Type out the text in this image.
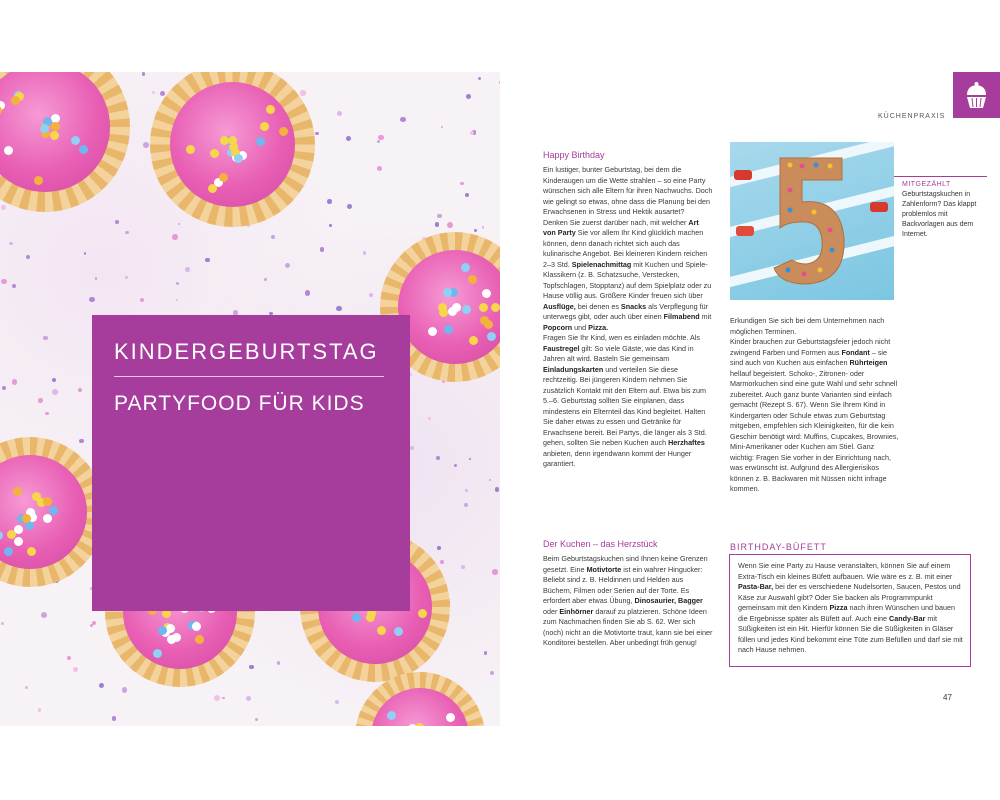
KINDERGEBURTSTAG
PARTYFOOD FÜR KIDS
KÜCHENPRAXIS
Happy Birthday
Ein lustiger, bunter Geburtstag, bei dem die Kinderaugen um die Wette strahlen – so eine Party wünschen sich alle Eltern für ihren Nachwuchs. Doch wie gelingt so etwas, ohne dass die Planung bei den Erwachsenen in Stress und Hektik ausartet?
Denken Sie zuerst darüber nach, mit welcher Art von Party Sie vor allem Ihr Kind glücklich machen können, denn danach richtet sich auch das kulinarische Angebot. Bei kleineren Kindern reichen 2–3 Std. Spielenachmittag mit Kuchen und Spiele-Klassikern (z. B. Schatzsuche, Verstecken, Topfschlagen, Stopptanz) auf dem Spielplatz oder zu Hause völlig aus. Größere Kinder freuen sich über Ausflüge, bei denen es Snacks als Verpflegung für unterwegs gibt, oder auch über einen Filmabend mit Popcorn und Pizza.
Fragen Sie Ihr Kind, wen es einladen möchte. Als Faustregel gilt: So viele Gäste, wie das Kind in Jahren alt wird. Basteln Sie gemeinsam Einladungskarten und verteilen Sie diese rechtzeitig. Bei jüngeren Kindern nehmen Sie zusätzlich Kontakt mit den Eltern auf. Etwa bis zum 5.–6. Geburtstag sollten Sie einplanen, dass mindestens ein Elternteil das Kind begleitet. Halten Sie daher etwas zu essen und Getränke für Erwachsene bereit. Bei Partys, die länger als 3 Std. gehen, sollten Sie neben Kuchen auch Herzhaftes anbieten, denn irgendwann kommt der Hunger garantiert.
Der Kuchen – das Herzstück
Beim Geburtstagskuchen sind Ihnen keine Grenzen gesetzt. Eine Motivtorte ist ein wahrer Hingucker: Beliebt sind z. B. Heldinnen und Helden aus Büchern, Filmen oder Serien auf der Torte. Es erfordert aber etwas Übung, Dinosaurier, Bagger oder Einhörner darauf zu platzieren. Schöne Ideen zum Nachmachen finden Sie ab S. 62. Wer sich (noch) nicht an die Motivtorte traut, kann sie bei einer Konditorei bestellen. Aber unbedingt früh genug!
MITGEZÄHLT
Geburtstagskuchen in Zahlenform? Das klappt problemlos mit Backvorlagen aus dem Internet.
Erkundigen Sie sich bei dem Unternehmen nach möglichen Terminen.
Kinder brauchen zur Geburtstagsfeier jedoch nicht zwingend Farben und Formen aus Fondant – sie sind auch von Kuchen aus einfachen Rührteigen hellauf begeistert. Schoko-, Zitronen- oder Marmorkuchen sind eine gute Wahl und sehr schnell zubereitet. Auch ganz bunte Varianten sind einfach gemacht (Rezept S. 67). Wenn Sie Ihrem Kind in Kindergarten oder Schule etwas zum Geburtstag mitgeben, empfehlen sich Kleinigkeiten, für die kein Geschirr benötigt wird: Muffins, Cupcakes, Brownies, Mini-Amerikaner oder Kuchen am Stiel. Ganz wichtig: Fragen Sie vorher in der Einrichtung nach, was erwünscht ist. Aufgrund des Allergierisikos können z. B. Backwaren mit Nüssen nicht infrage kommen.
Wenn Sie eine Party zu Hause veranstalten, können Sie auf einem Extra-Tisch ein kleines Büfett aufbauen. Wie wäre es z. B. mit einer Pasta-Bar, bei der es verschiedene Nudelsorten, Saucen, Pestos und Käse zur Auswahl gibt? Oder Sie backen als Programmpunkt gemeinsam mit den Kindern Pizza nach ihren Wünschen und bauen die Ergebnisse später als Büfett auf. Auch eine Candy-Bar mit Süßigkeiten ist ein Hit. Hierfür können Sie die Süßigkeiten in Gläser füllen und jedes Kind bekommt eine Tüte zum Befüllen und darf sie mit nach Hause nehmen.
BIRTHDAY-BÜFETT
47
